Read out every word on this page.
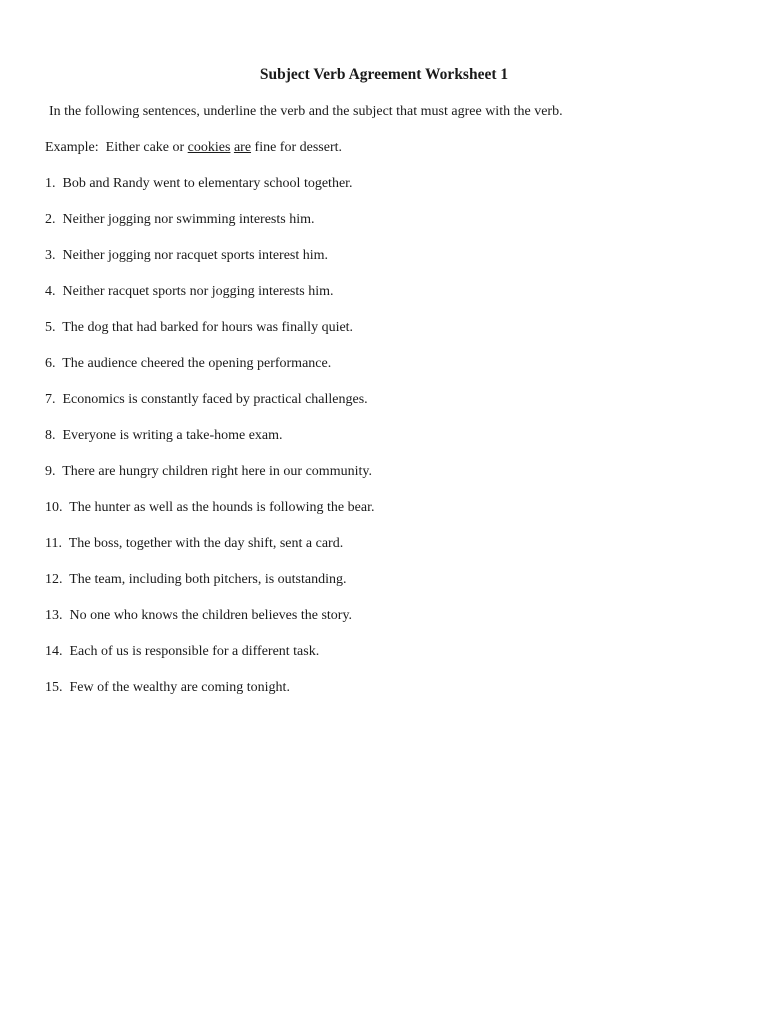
Subject Verb Agreement Worksheet 1
In the following sentences, underline the verb and the subject that must agree with the verb.
Example: Either cake or cookies are fine for dessert.
1. Bob and Randy went to elementary school together.
2. Neither jogging nor swimming interests him.
3. Neither jogging nor racquet sports interest him.
4. Neither racquet sports nor jogging interests him.
5. The dog that had barked for hours was finally quiet.
6. The audience cheered the opening performance.
7. Economics is constantly faced by practical challenges.
8. Everyone is writing a take-home exam.
9. There are hungry children right here in our community.
10. The hunter as well as the hounds is following the bear.
11. The boss, together with the day shift, sent a card.
12. The team, including both pitchers, is outstanding.
13. No one who knows the children believes the story.
14. Each of us is responsible for a different task.
15. Few of the wealthy are coming tonight.
